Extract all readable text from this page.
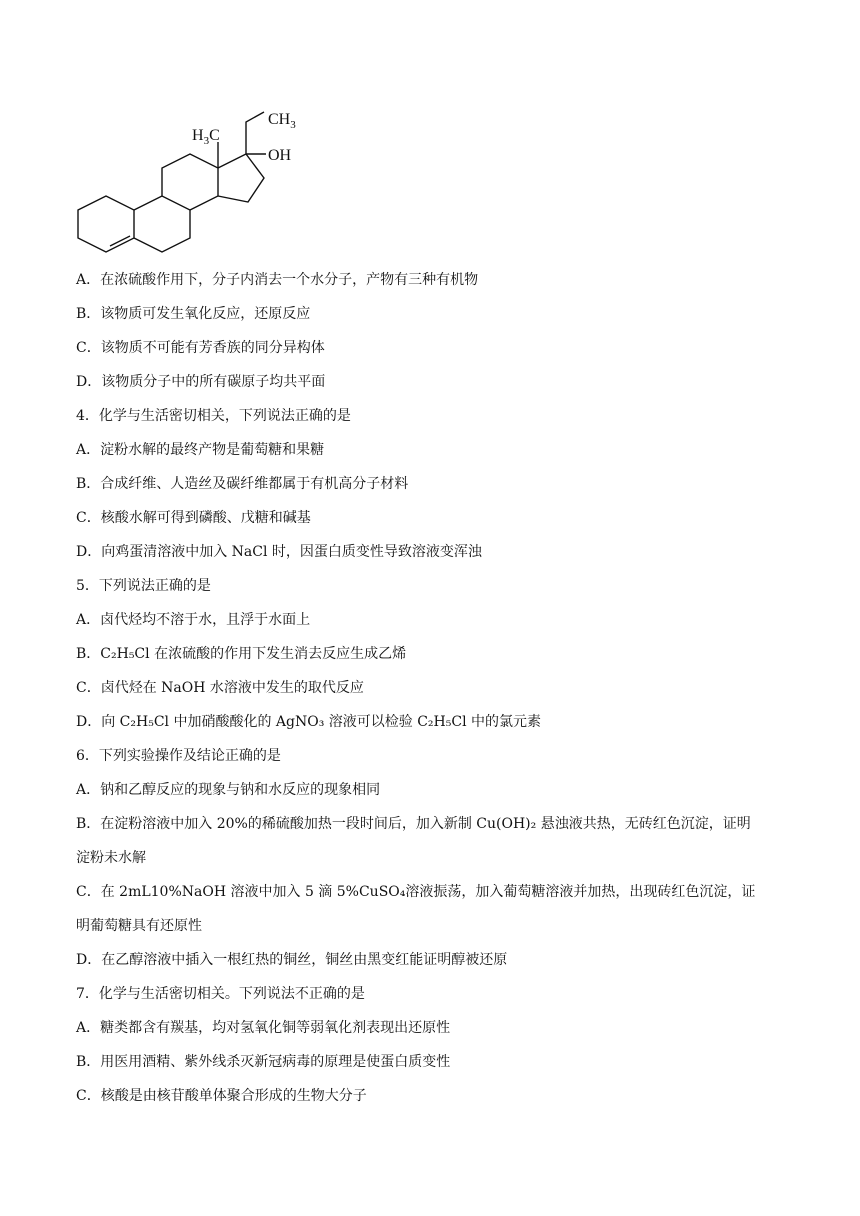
$CH_3$
OH
$H_3C$
A．在浓硫酸作用下，分子内消去一个水分子，产物有三种有机物
B．该物质可发生氧化反应，还原反应
C．该物质不可能有芳香族的同分异构体
D．该物质分子中的所有碳原子均共平面
4．化学与生活密切相关，下列说法正确的是
A．淀粉水解的最终产物是葡萄糖和果糖
B．合成纤维、人造丝及碳纤维都属于有机高分子材料
C．核酸水解可得到磷酸、戊糖和碱基
D．向鸡蛋清溶液中加入 NaCl 时，因蛋白质变性导致溶液变浑浊
5．下列说法正确的是
A．卤代烃均不溶于水，且浮于水面上
B．C₂H₅Cl 在浓硫酸的作用下发生消去反应生成乙烯
C．卤代烃在 NaOH 水溶液中发生的取代反应
D．向 C₂H₅Cl 中加硝酸酸化的 AgNO₃ 溶液可以检验 C₂H₅Cl 中的氯元素
6．下列实验操作及结论正确的是
A．钠和乙醇反应的现象与钠和水反应的现象相同
B．在淀粉溶液中加入 20%的稀硫酸加热一段时间后，加入新制 Cu(OH)₂ 悬浊液共热，无砖红色沉淀，证明
淀粉未水解
C．在 2mL10%NaOH 溶液中加入 5 滴 5%CuSO₄溶液振荡，加入葡萄糖溶液并加热，出现砖红色沉淀，证
明葡萄糖具有还原性
D．在乙醇溶液中插入一根红热的铜丝，铜丝由黑变红能证明醇被还原
7．化学与生活密切相关。下列说法不正确的是
A．糖类都含有羰基，均对氢氧化铜等弱氧化剂表现出还原性
B．用医用酒精、紫外线杀灭新冠病毒的原理是使蛋白质变性
C．核酸是由核苷酸单体聚合形成的生物大分子
